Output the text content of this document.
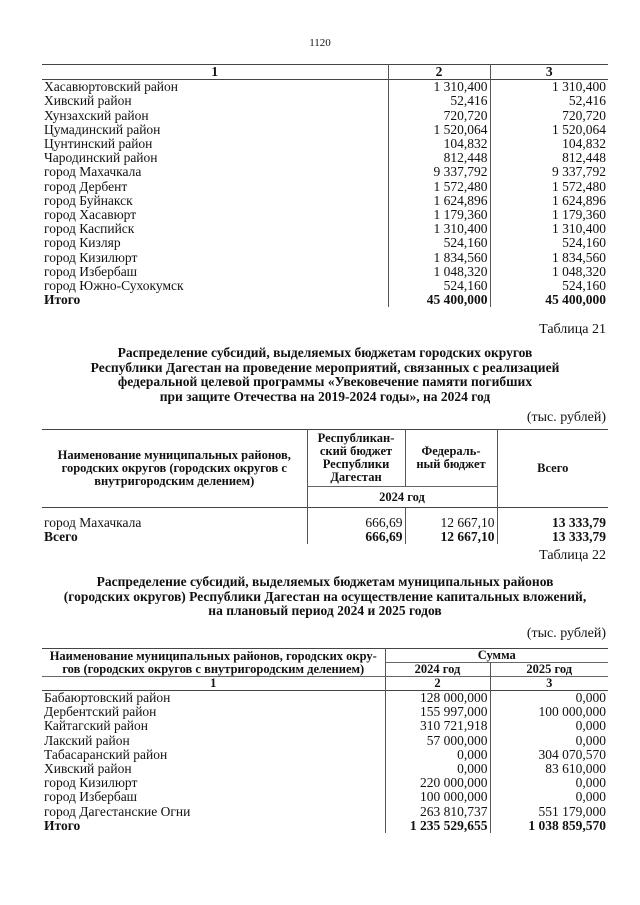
1120
1	2	3
Хасавюртовский район	1 310,400	1 310,400
Хивский район	52,416	52,416
Хунзахский район	720,720	720,720
Цумадинский район	1 520,064	1 520,064
Цунтинский район	104,832	104,832
Чародинский район	812,448	812,448
город Махачкала	9 337,792	9 337,792
город Дербент	1 572,480	1 572,480
город Буйнакск	1 624,896	1 624,896
город Хасавюрт	1 179,360	1 179,360
город Каспийск	1 310,400	1 310,400
город Кизляр	524,160	524,160
город Кизилюрт	1 834,560	1 834,560
город Избербаш	1 048,320	1 048,320
город Южно-Сухокумск	524,160	524,160
Итого	45 400,000	45 400,000
Таблица 21
Распределение субсидий, выделяемых бюджетам городских округов
Республики Дагестан на проведение мероприятий, связанных с реализацией
федеральной целевой программы «Увековечение памяти погибших
при защите Отечества на 2019-2024 годы», на 2024 год
(тыс. рублей)
Наименование муниципальных районов, городских округов (городских округов с внутригородским делением)	Республикан-ский бюджет Республики Дагестан	Федераль-ный бюджет	Всего
	2024 год		

город Махачкала	666,69	12 667,10	13 333,79
Всего	666,69	12 667,10	13 333,79
Таблица 22
Распределение субсидий, выделяемых бюджетам муниципальных районов
(городских округов) Республики Дагестан на осуществление капитальных вложений,
на плановый период 2024 и 2025 годов
(тыс. рублей)
Наименование муниципальных районов, городских окру-гов (городских округов с внутригородским делением)	Сумма	
	2024 год	2025 год
1	2	3
Бабаюртовский район	128 000,000	0,000
Дербентский район	155 997,000	100 000,000
Кайтагский район	310 721,918	0,000
Лакский район	57 000,000	0,000
Табасаранский район	0,000	304 070,570
Хивский район	0,000	83 610,000
город Кизилюрт	220 000,000	0,000
город Избербаш	100 000,000	0,000
город Дагестанские Огни	263 810,737	551 179,000
Итого	1 235 529,655	1 038 859,570
